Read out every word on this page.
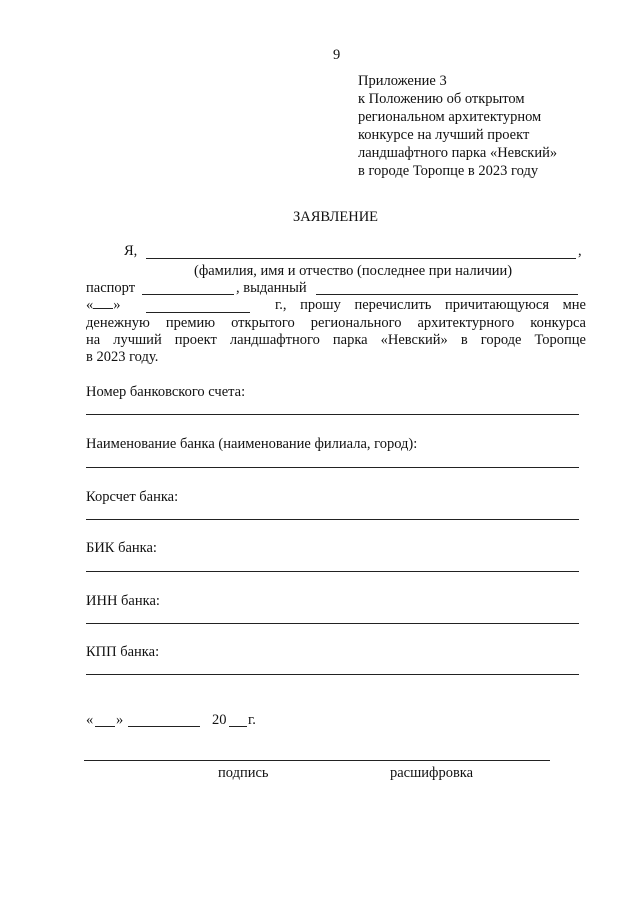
9
Приложение 3
к Положению об открытом
региональном архитектурном
конкурсе на лучший проект
ландшафтного парка «Невский»
в городе Торопце в 2023 году
ЗАЯВЛЕНИЕ
Я,	,
(фамилия, имя и отчество (последнее при наличии)
паспорт	, выданный
« »	г., прошу перечислить причитающуюся мне
денежную премию открытого регионального архитектурного конкурса
на лучший проект ландшафтного парка «Невский» в городе Торопце
в 2023 году.
Номер банковского счета:
Наименование банка (наименование филиала, город):
Корсчет банка:
БИК банка:
ИНН банка:
КПП банка:
« »	20 г.
подпись	расшифровка
